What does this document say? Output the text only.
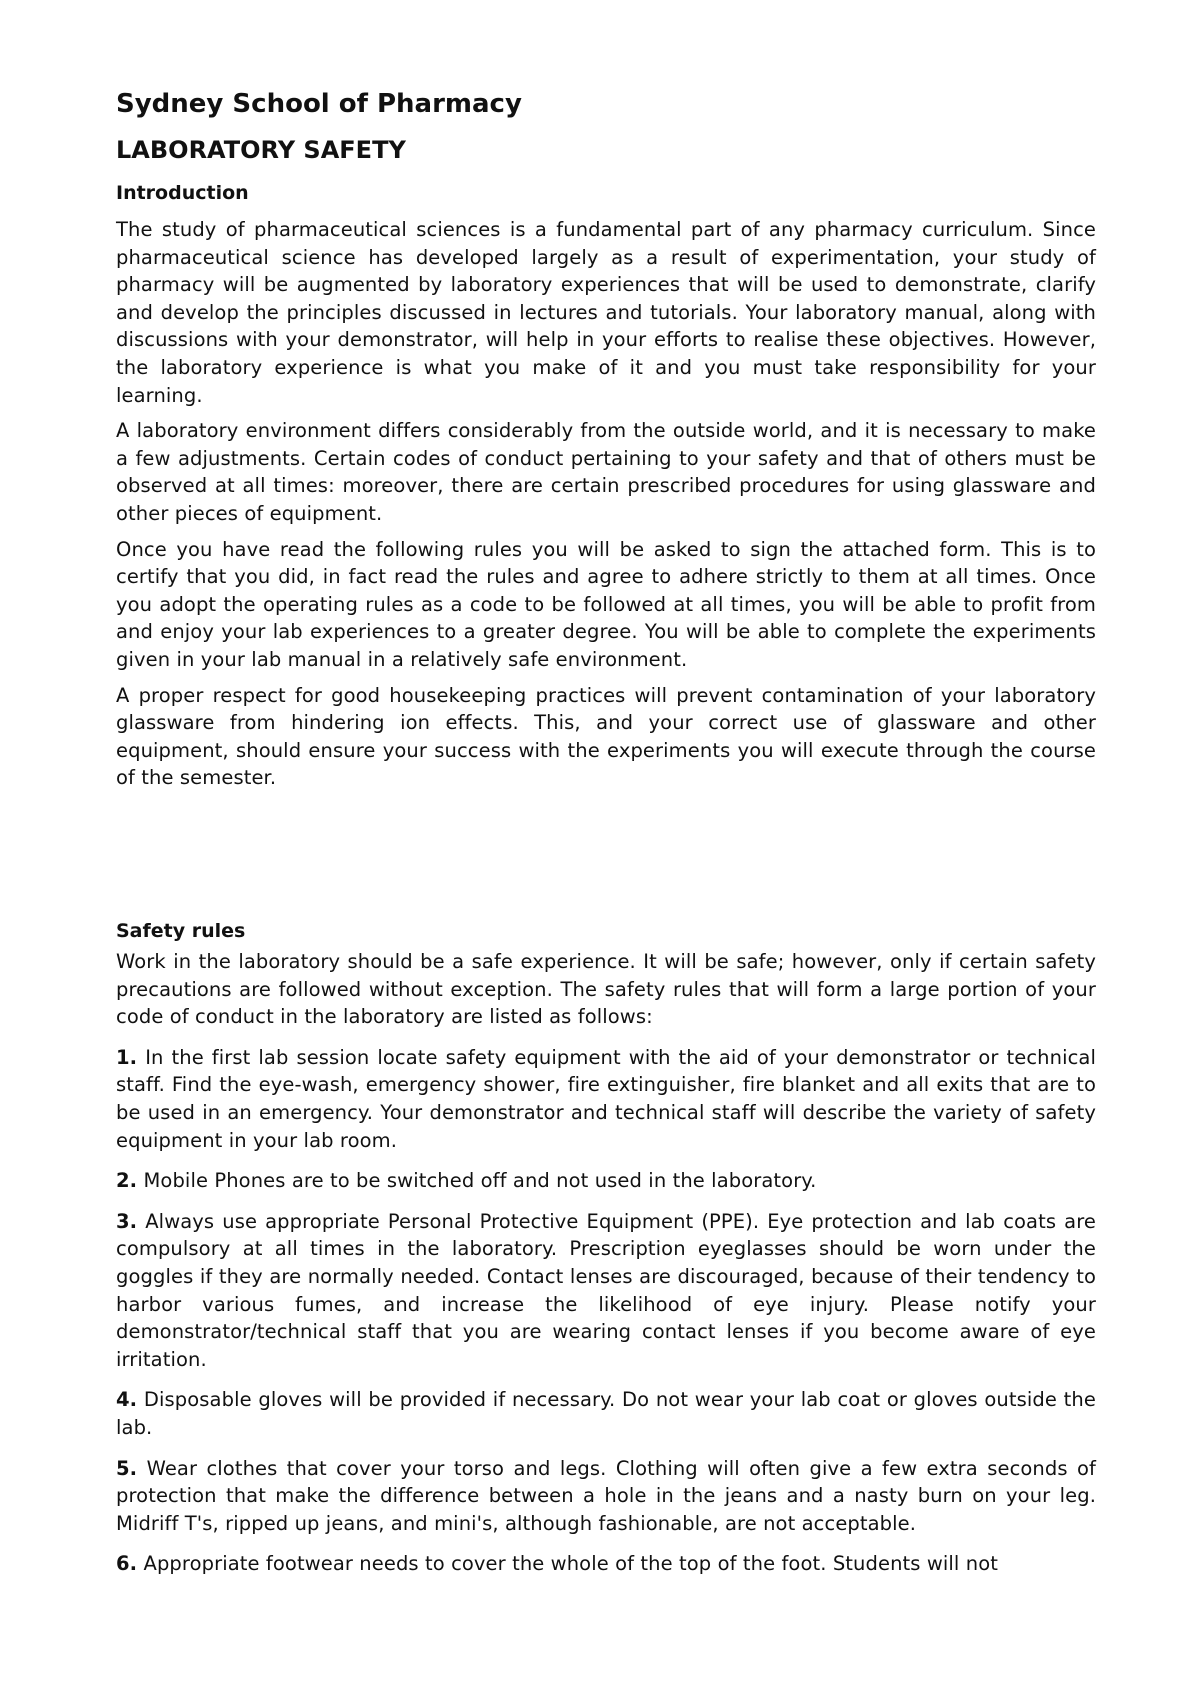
Sydney School of Pharmacy
LABORATORY SAFETY
Introduction

The study of pharmaceutical sciences is a fundamental part of any pharmacy curriculum. Since pharmaceutical science has developed largely as a result of experimentation, your study of pharmacy will be augmented by laboratory experiences that will be used to demonstrate, clarify and develop the principles discussed in lectures and tutorials. Your laboratory manual, along with discussions with your demonstrator, will help in your efforts to realise these objectives. However, the laboratory experience is what you make of it and you must take responsibility for your learning.

A laboratory environment differs considerably from the outside world, and it is necessary to make a few adjustments. Certain codes of conduct pertaining to your safety and that of others must be observed at all times: moreover, there are certain prescribed procedures for using glassware and other pieces of equipment.

Once you have read the following rules you will be asked to sign the attached form. This is to certify that you did, in fact read the rules and agree to adhere strictly to them at all times. Once you adopt the operating rules as a code to be followed at all times, you will be able to profit from and enjoy your lab experiences to a greater degree. You will be able to complete the experiments given in your lab manual in a relatively safe environment.

A proper respect for good housekeeping practices will prevent contamination of your laboratory glassware from hindering ion effects. This, and your correct use of glassware and other equipment, should ensure your success with the experiments you will execute through the course of the semester.

Safety rules

Work in the laboratory should be a safe experience. It will be safe; however, only if certain safety precautions are followed without exception. The safety rules that will form a large portion of your code of conduct in the laboratory are listed as follows:

1. In the first lab session locate safety equipment with the aid of your demonstrator or technical staff. Find the eye-wash, emergency shower, fire extinguisher, fire blanket and all exits that are to be used in an emergency. Your demonstrator and technical staff will describe the variety of safety equipment in your lab room.

2. Mobile Phones are to be switched off and not used in the laboratory.

3. Always use appropriate Personal Protective Equipment (PPE). Eye protection and lab coats are compulsory at all times in the laboratory. Prescription eyeglasses should be worn under the goggles if they are normally needed. Contact lenses are discouraged, because of their tendency to harbor various fumes, and increase the likelihood of eye injury. Please notify your demonstrator/technical staff that you are wearing contact lenses if you become aware of eye irritation.

4. Disposable gloves will be provided if necessary. Do not wear your lab coat or gloves outside the lab.

5. Wear clothes that cover your torso and legs. Clothing will often give a few extra seconds of protection that make the difference between a hole in the jeans and a nasty burn on your leg. Midriff T's, ripped up jeans, and mini's, although fashionable, are not acceptable.

6. Appropriate footwear needs to cover the whole of the top of the foot. Students will not
